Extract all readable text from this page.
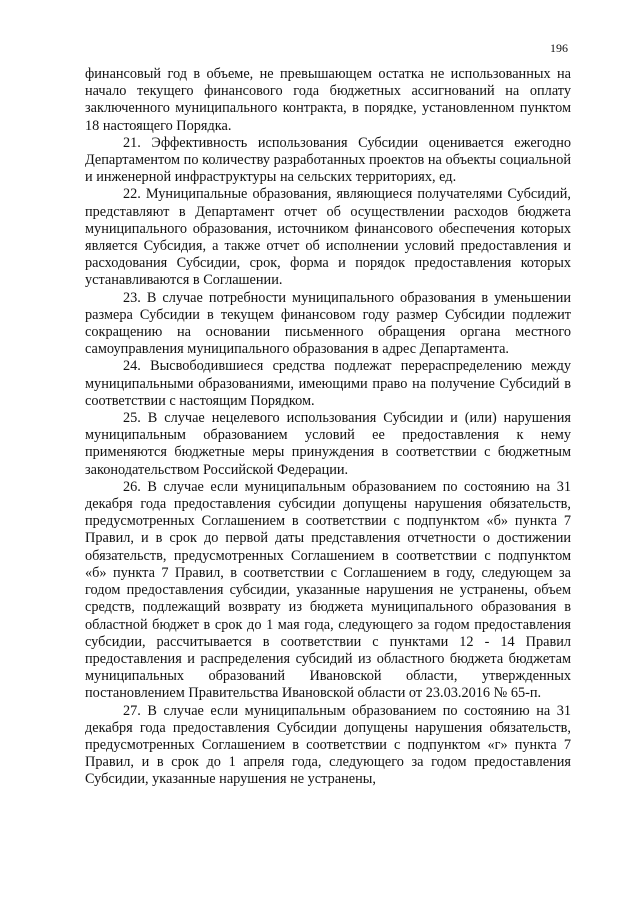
196

финансовый год в объеме, не превышающем остатка не использованных на начало текущего финансового года бюджетных ассигнований на оплату заключенного муниципального контракта, в порядке, установленном пунктом 18 настоящего Порядка.

21. Эффективность использования Субсидии оценивается ежегодно Департаментом по количеству разработанных проектов на объекты социальной и инженерной инфраструктуры на сельских территориях, ед.

22. Муниципальные образования, являющиеся получателями Субсидий, представляют в Департамент отчет об осуществлении расходов бюджета муниципального образования, источником финансового обеспечения которых является Субсидия, а также отчет об исполнении условий предоставления и расходования Субсидии, срок, форма и порядок предоставления которых устанавливаются в Соглашении.

23. В случае потребности муниципального образования в уменьшении размера Субсидии в текущем финансовом году размер Субсидии подлежит сокращению на основании письменного обращения органа местного самоуправления муниципального образования в адрес Департамента.

24. Высвободившиеся средства подлежат перераспределению между муниципальными образованиями, имеющими право на получение Субсидий в соответствии с настоящим Порядком.

25. В случае нецелевого использования Субсидии и (или) нарушения муниципальным образованием условий ее предоставления к нему применяются бюджетные меры принуждения в соответствии с бюджетным законодательством Российской Федерации.

26. В случае если муниципальным образованием по состоянию на 31 декабря года предоставления субсидии допущены нарушения обязательств, предусмотренных Соглашением в соответствии с подпунктом «б» пункта 7 Правил, и в срок до первой даты представления отчетности о достижении обязательств, предусмотренных Соглашением в соответствии с подпунктом «б» пункта 7 Правил, в соответствии с Соглашением в году, следующем за годом предоставления субсидии, указанные нарушения не устранены, объем средств, подлежащий возврату из бюджета муниципального образования в областной бюджет в срок до 1 мая года, следующего за годом предоставления субсидии, рассчитывается в соответствии с пунктами 12 - 14 Правил предоставления и распределения субсидий из областного бюджета бюджетам муниципальных образований Ивановской области, утвержденных постановлением Правительства Ивановской области от 23.03.2016 № 65-п.

27. В случае если муниципальным образованием по состоянию на 31 декабря года предоставления Субсидии допущены нарушения обязательств, предусмотренных Соглашением в соответствии с подпунктом «г» пункта 7 Правил, и в срок до 1 апреля года, следующего за годом предоставления Субсидии, указанные нарушения не устранены,
